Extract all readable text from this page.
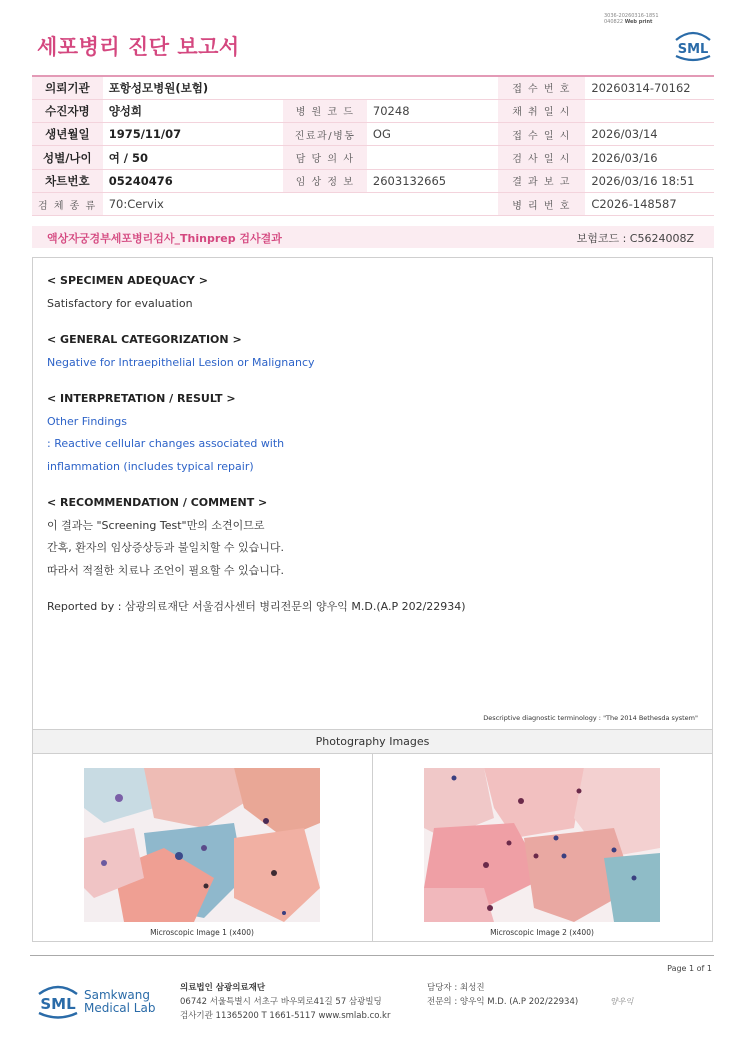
세포병리 진단 보고서
3036-20260316-1851
040822 Web print
SML
의뢰기관	포항성모병원(보험)			접 수 번 호	20260314-70162
수진자명	양성희	병 원 코 드	70248	채 취 일 시	
생년월일	1975/11/07	진료과/병동	OG	접 수 일 시	2026/03/14
성별/나이	여 / 50	담 당 의 사		검 사 일 시	2026/03/16
차트번호	05240476	임 상 정 보	2603132665	결 과 보 고	2026/03/16 18:51
검 체 종 류	70:Cervix			병 리 번 호	C2026-148587
액상자궁경부세포병리검사_Thinprep 검사결과	보험코드 : C5624008Z
< SPECIMEN ADEQUACY >
Satisfactory for evaluation
< GENERAL CATEGORIZATION >
Negative for Intraepithelial Lesion or Malignancy
< INTERPRETATION / RESULT >
Other Findings
: Reactive cellular changes associated with
inflammation (includes typical repair)
< RECOMMENDATION / COMMENT >
이 결과는 "Screening Test"만의 소견이므로
간혹, 환자의 임상증상등과 불일치할 수 있습니다.
따라서 적절한 치료나 조언이 필요할 수 있습니다.
Reported by : 삼광의료재단 서울검사센터 병리전문의 양우익 M.D.(A.P 202/22934)
Descriptive diagnostic terminology : "The 2014 Bethesda system"
Photography Images
Microscopic Image 1 (x400)	Microscopic Image 2 (x400)
Page 1 of 1
SML Samkwang
Medical Lab
의료법인 삼광의료재단
06742 서울특별시 서초구 바우뫼로41길 57 삼광빌딩
검사기관 11365200 T 1661-5117 www.smlab.co.kr
담당자 : 최성진
전문의 : 양우익 M.D. (A.P 202/22934)	양우익
